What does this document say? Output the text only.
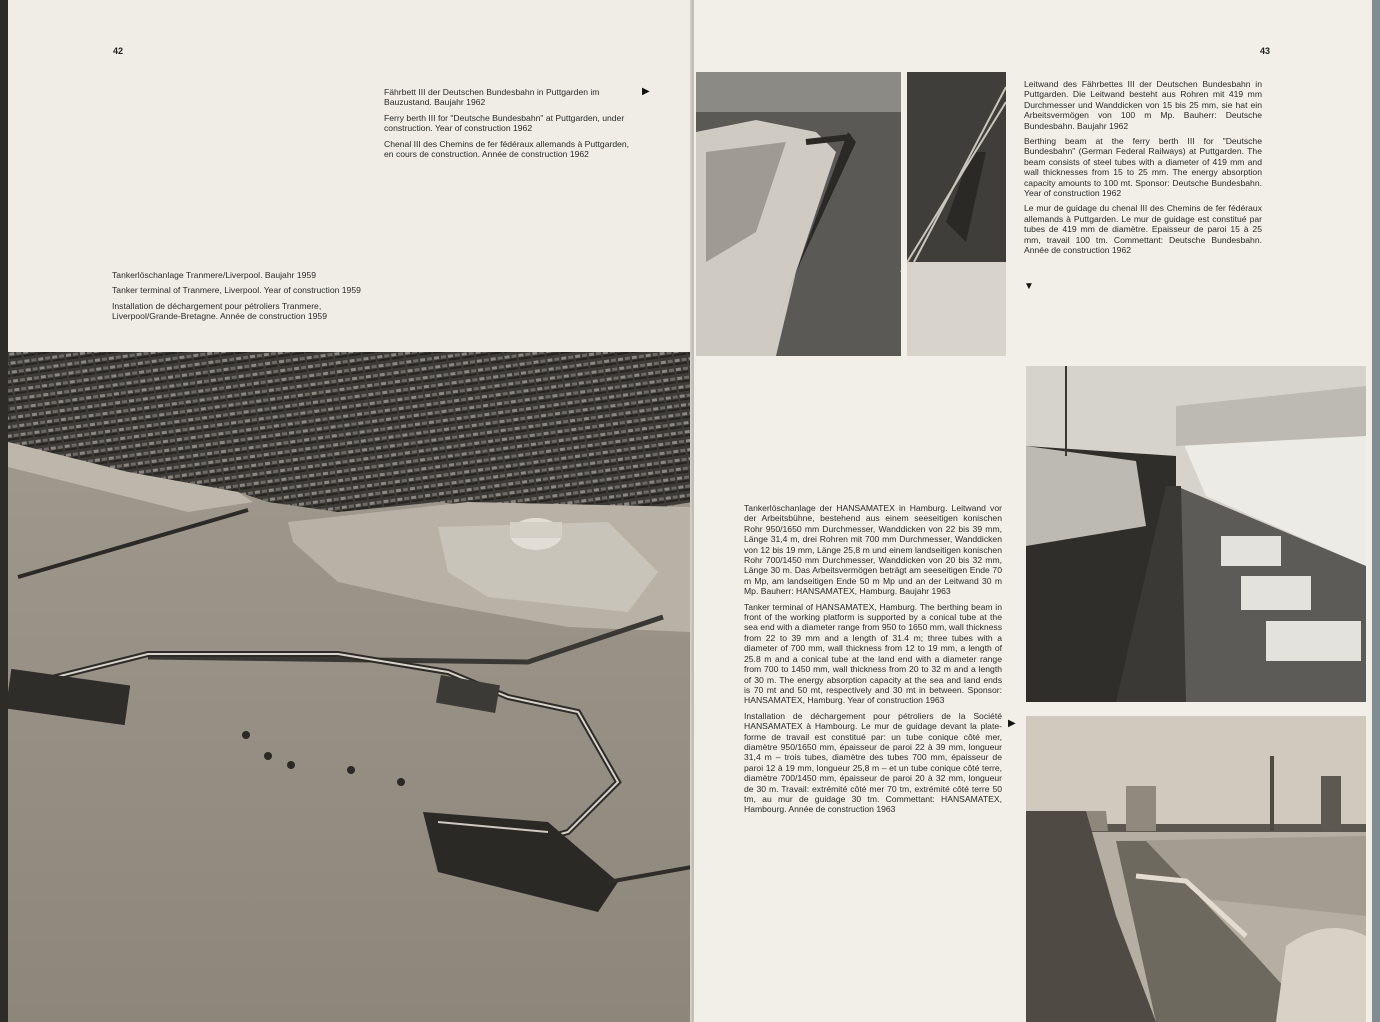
42

Fährbett III der Deutschen Bundesbahn in Puttgarden im Bauzustand. Baujahr 1962

Ferry berth III for "Deutsche Bundesbahn" at Puttgarden, under construction. Year of construction 1962

Chenal III des Chemins de fer fédéraux allemands à Puttgarden, en cours de construction. Année de construction 1962

▶

Tankerlöschanlage Tranmere/Liverpool. Baujahr 1959

Tanker terminal of Tranmere, Liverpool. Year of construction 1959

Installation de déchargement pour pétroliers Tranmere, Liverpool/Grande-Bretagne. Année de construction 1959

43

Leitwand des Fährbettes III der Deutschen Bundesbahn in Puttgarden. Die Leitwand besteht aus Rohren mit 419 mm Durchmesser und Wanddicken von 15 bis 25 mm, sie hat ein Arbeitsvermögen von 100 m Mp. Bauherr: Deutsche Bundesbahn. Baujahr 1962

Berthing beam at the ferry berth III for "Deutsche Bundesbahn" (German Federal Railways) at Puttgarden. The beam consists of steel tubes with a diameter of 419 mm and wall thicknesses from 15 to 25 mm. The energy absorption capacity amounts to 100 mt. Sponsor: Deutsche Bundesbahn. Year of construction 1962

Le mur de guidage du chenal III des Chemins de fer fédéraux allemands à Puttgarden. Le mur de guidage est constitué par tubes de 419 mm de diamètre. Epaisseur de paroi 15 à 25 mm, travail 100 tm. Commettant: Deutsche Bundesbahn. Année de construction 1962

▼

Tankerlöschanlage der HANSAMATEX in Hamburg. Leitwand vor der Arbeitsbühne, bestehend aus einem seeseitigen konischen Rohr 950/1650 mm Durchmesser, Wanddicken von 22 bis 39 mm, Länge 31,4 m, drei Rohren mit 700 mm Durchmesser, Wanddicken von 12 bis 19 mm, Länge 25,8 m und einem landseitigen konischen Rohr 700/1450 mm Durchmesser, Wanddicken von 20 bis 32 mm, Länge 30 m. Das Arbeitsvermögen beträgt am seeseitigen Ende 70 m Mp, am landseitigen Ende 50 m Mp und an der Leitwand 30 m Mp. Bauherr: HANSAMATEX, Hamburg. Baujahr 1963

Tanker terminal of HANSAMATEX, Hamburg. The berthing beam in front of the working platform is supported by a conical tube at the sea end with a diameter range from 950 to 1650 mm, wall thickness from 22 to 39 mm and a length of 31.4 m; three tubes with a diameter of 700 mm, wall thickness from 12 to 19 mm, a length of 25.8 m and a conical tube at the land end with a diameter range from 700 to 1450 mm, wall thickness from 20 to 32 m and a length of 30 m. The energy absorption capacity at the sea and land ends is 70 mt and 50 mt, respectively and 30 mt in between. Sponsor: HANSAMATEX, Hamburg. Year of construction 1963

Installation de déchargement pour pétroliers de la Société HANSAMATEX à Hambourg. Le mur de guidage devant la plate-forme de travail est constitué par: un tube conique côté mer, diamètre 950/1650 mm, épaisseur de paroi 22 à 39 mm, longueur 31,4 m – trois tubes, diamètre des tubes 700 mm, épaisseur de paroi 12 à 19 mm, longueur 25,8 m – et un tube conique côté terre, diamètre 700/1450 mm, épaisseur de paroi 20 à 32 mm, longueur de 30 m. Travail: extrémité côté mer 70 tm, extrémité côté terre 50 tm, au mur de guidage 30 tm. Commettant: HANSAMATEX, Hambourg. Année de construction 1963

▶
